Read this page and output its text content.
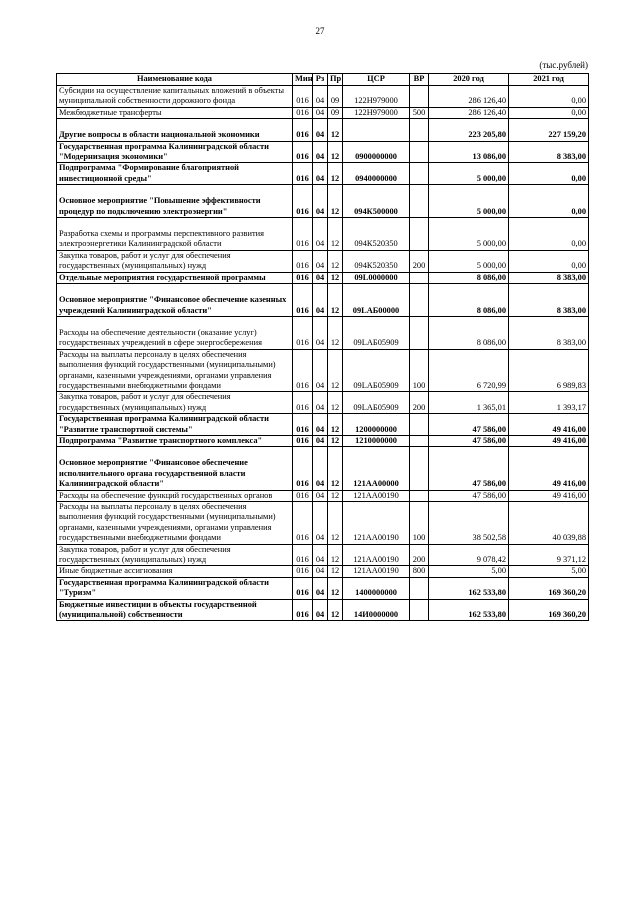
27
(тыс.рублей)
Наименование кода	Мин	Рз	Пр	ЦСР	ВР	2020 год	2021 год
Субсидии на осуществление капитальных вложений в объекты муниципальной собственности дорожного фонда	016	04	09	122Н979000		286 126,40	0,00
Межбюджетные трансферты	016	04	09	122Н979000	500	286 126,40	0,00
Другие вопросы в области национальной экономики	016	04	12			223 205,80	227 159,20
Государственная программа Калининградской области "Модернизация экономики"	016	04	12	0900000000		13 086,00	8 383,00
Подпрограмма "Формирование благоприятной инвестиционной среды"	016	04	12	0940000000		5 000,00	0,00
Основное мероприятие "Повышение эффективности процедур по подключению электроэнергии"	016	04	12	094К500000		5 000,00	0,00
Разработка схемы и программы перспективного развития электроэнергетики Калининградской области	016	04	12	094К520350		5 000,00	0,00
Закупка товаров, работ и услуг для обеспечения государственных (муниципальных) нужд	016	04	12	094К520350	200	5 000,00	0,00
Отдельные мероприятия государственной программы	016	04	12	09L0000000		8 086,00	8 383,00
Основное мероприятие "Финансовое обеспечение казенных учреждений Калининградской области"	016	04	12	09LАБ00000		8 086,00	8 383,00
Расходы на обеспечение деятельности (оказание услуг) государственных учреждений в сфере энергосбережения	016	04	12	09LАБ05909		8 086,00	8 383,00
Расходы на выплаты персоналу в целях обеспечения выполнения функций государственными (муниципальными) органами, казенными учреждениями, органами управления государственными внебюджетными фондами	016	04	12	09LАБ05909	100	6 720,99	6 989,83
Закупка товаров, работ и услуг для обеспечения государственных (муниципальных) нужд	016	04	12	09LАБ05909	200	1 365,01	1 393,17
Государственная программа Калининградской области "Развитие транспортной системы"	016	04	12	1200000000		47 586,00	49 416,00
Подпрограмма "Развитие транспортного комплекса"	016	04	12	1210000000		47 586,00	49 416,00
Основное мероприятие "Финансовое обеспечение исполнительного органа государственной власти Калининградской области"	016	04	12	121АА00000		47 586,00	49 416,00
Расходы на обеспечение функций государственных органов	016	04	12	121АА00190		47 586,00	49 416,00
Расходы на выплаты персоналу в целях обеспечения выполнения функций государственными (муниципальными) органами, казенными учреждениями, органами управления государственными внебюджетными фондами	016	04	12	121АА00190	100	38 502,58	40 039,88
Закупка товаров, работ и услуг для обеспечения государственных (муниципальных) нужд	016	04	12	121АА00190	200	9 078,42	9 371,12
Иные бюджетные ассигнования	016	04	12	121АА00190	800	5,00	5,00
Государственная программа Калининградской области "Туризм"	016	04	12	1400000000		162 533,80	169 360,20
Бюджетные инвестиции в объекты государственной (муниципальной) собственности	016	04	12	14И0000000		162 533,80	169 360,20
